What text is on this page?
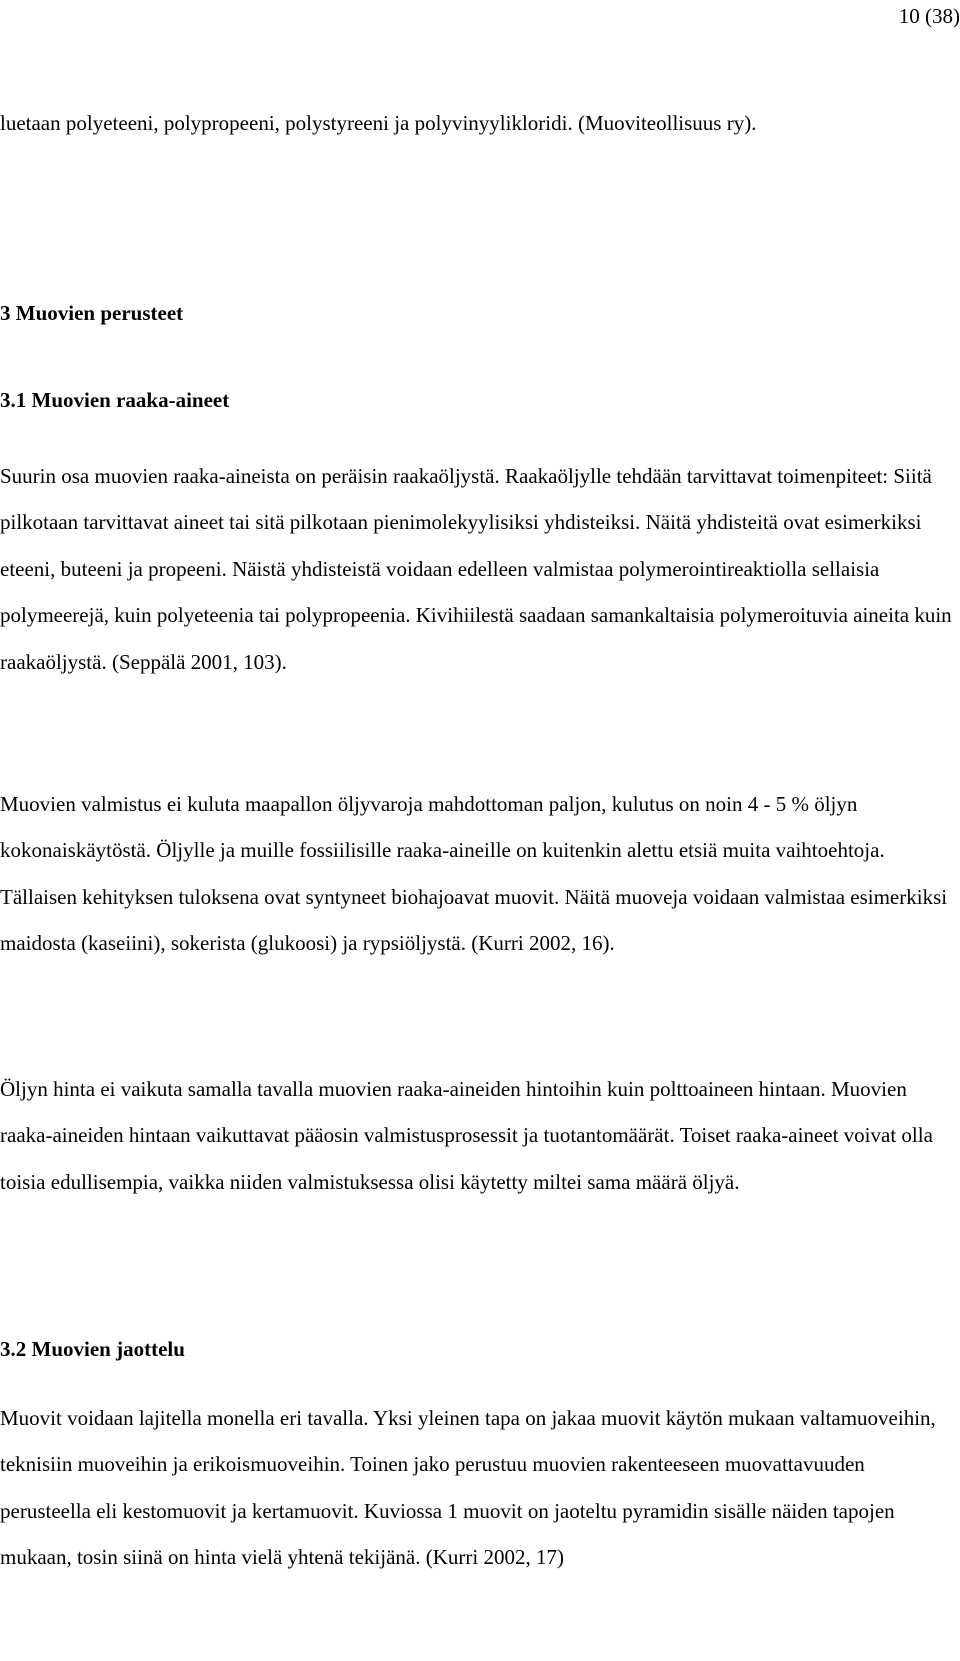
10 (38)

luetaan polyeteeni, polypropeeni, polystyreeni ja polyvinyylikloridi. (Muoviteollisuus ry).

3 Muovien perusteet
3.1 Muovien raaka-aineet

Suurin osa muovien raaka-aineista on peräisin raakaöljystä. Raakaöljylle tehdään tarvittavat toimenpiteet: Siitä pilkotaan tarvittavat aineet tai sitä pilkotaan pienimolekyylisiksi yhdisteiksi. Näitä yhdisteitä ovat esimerkiksi eteeni, buteeni ja propeeni. Näistä yhdisteistä voidaan edelleen valmistaa polymerointireaktiolla sellaisia polymeerejä, kuin polyeteenia tai polypropeenia. Kivihiilestä saadaan samankaltaisia polymeroituvia aineita kuin raakaöljystä. (Seppälä 2001, 103).

Muovien valmistus ei kuluta maapallon öljyvaroja mahdottoman paljon, kulutus on noin 4 - 5 % öljyn kokonaiskäytöstä. Öljylle ja muille fossiilisille raaka-aineille on kuitenkin alettu etsiä muita vaihtoehtoja. Tällaisen kehityksen tuloksena ovat syntyneet biohajoavat muovit. Näitä muoveja voidaan valmistaa esimerkiksi maidosta (kaseiini), sokerista (glukoosi) ja rypsiöljystä. (Kurri 2002, 16).

Öljyn hinta ei vaikuta samalla tavalla muovien raaka-aineiden hintoihin kuin polttoaineen hintaan. Muovien raaka-aineiden hintaan vaikuttavat pääosin valmistusprosessit ja tuotantomäärät. Toiset raaka-aineet voivat olla toisia edullisempia, vaikka niiden valmistuksessa olisi käytetty miltei sama määrä öljyä.

3.2 Muovien jaottelu

Muovit voidaan lajitella monella eri tavalla. Yksi yleinen tapa on jakaa muovit käytön mukaan valtamuoveihin, teknisiin muoveihin ja erikoismuoveihin. Toinen jako perustuu muovien rakenteeseen muovattavuuden perusteella eli kestomuovit ja kertamuovit. Kuviossa 1 muovit on jaoteltu pyramidin sisälle näiden tapojen mukaan, tosin siinä on hinta vielä yhtenä tekijänä. (Kurri 2002, 17)
